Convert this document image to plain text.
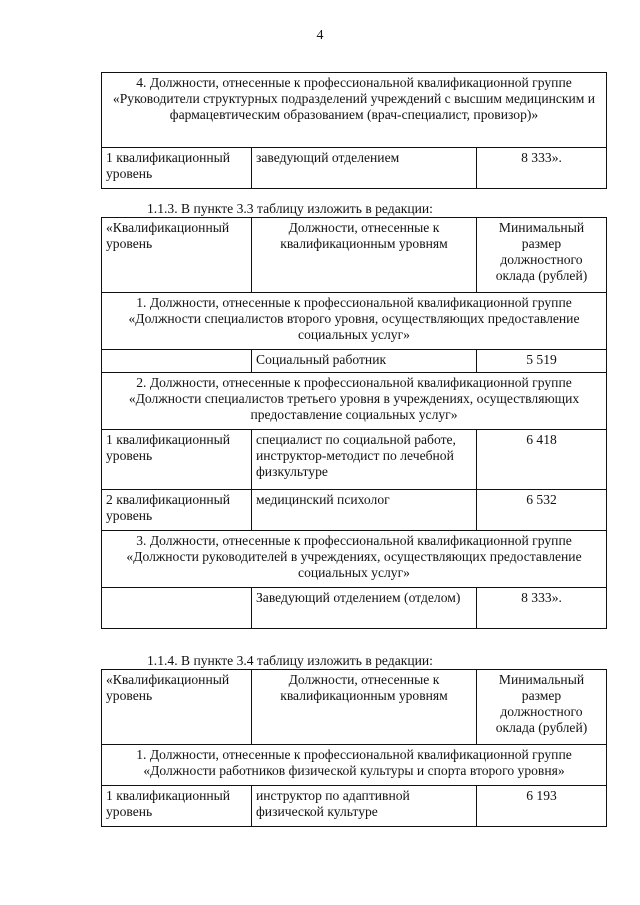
4
4. Должности, отнесенные к профессиональной квалификационной группе «Руководители структурных подразделений учреждений с высшим медицинским и фармацевтическим образованием (врач-специалист, провизор)»
1 квалификационный уровень	заведующий отделением	8 333».
1.1.3. В пункте 3.3 таблицу изложить в редакции:
«Квалификационный уровень	Должности, отнесенные к квалификационным уровням	Минимальный размер должностного оклада (рублей)
1. Должности, отнесенные к профессиональной квалификационной группе «Должности специалистов второго уровня, осуществляющих предоставление социальных услуг»		
	Социальный работник	5 519
2. Должности, отнесенные к профессиональной квалификационной группе «Должности специалистов третьего уровня в учреждениях, осуществляющих предоставление социальных услуг»		
1 квалификационный уровень	специалист по социальной работе, инструктор-методист по лечебной физкультуре	6 418
2 квалификационный уровень	медицинский психолог	6 532
3. Должности, отнесенные к профессиональной квалификационной группе «Должности руководителей в учреждениях, осуществляющих предоставление социальных услуг»		
	Заведующий отделением (отделом)	8 333».
1.1.4. В пункте 3.4 таблицу изложить в редакции:
«Квалификационный уровень	Должности, отнесенные к квалификационным уровням	Минимальный размер должностного оклада (рублей)
1. Должности, отнесенные к профессиональной квалификационной группе «Должности работников физической культуры и спорта второго уровня»		
1 квалификационный уровень	инструктор по адаптивной физической культуре	6 193
